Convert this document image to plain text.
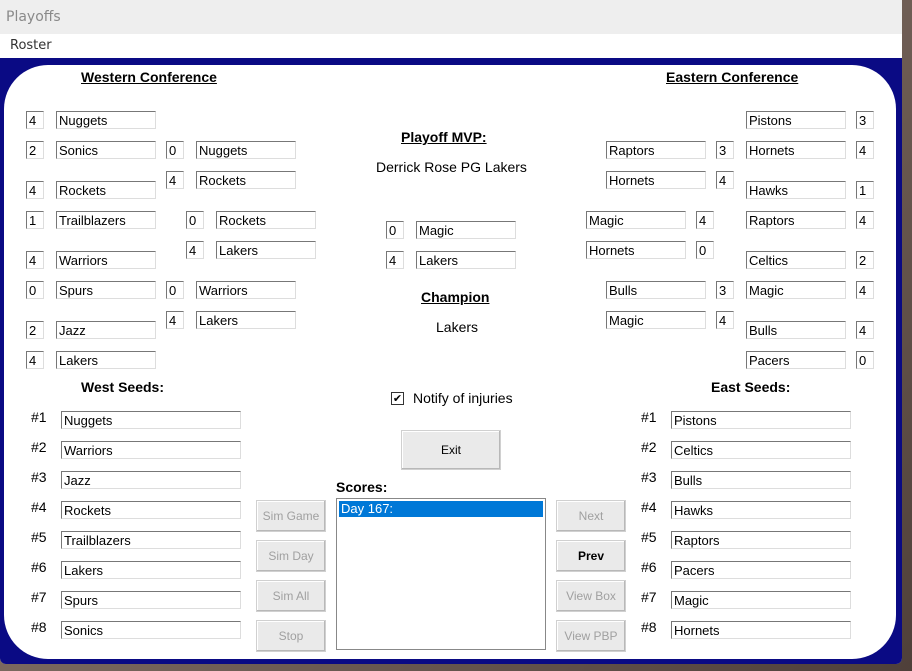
Playoffs
Roster
Western Conference	Eastern Conference
Playoff MVP:
Derrick Rose PG Lakers
Champion
Lakers
West Seeds:	East Seeds:
Scores:
4	Nuggets
2	Sonics
4	Rockets
1	Trailblazers
4	Warriors
0	Spurs
2	Jazz
4	Lakers
0	Nuggets
4	Rockets
0	Warriors
4	Lakers
0	Rockets
4	Lakers
0	Magic
4	Lakers
Magic	4
Hornets	0
Raptors	3
Hornets	4
Bulls	3
Magic	4
Pistons	3
Hornets	4
Hawks	1
Raptors	4
Celtics	2
Magic	4
Bulls	4
Pacers	0
#1 Nuggets
#2 Warriors
#3 Jazz
#4 Rockets
#5 Trailblazers
#6 Lakers
#7 Spurs
#8 Sonics
#1 Pistons
#2 Celtics
#3 Bulls
#4 Hawks
#5 Raptors
#6 Pacers
#7 Magic
#8 Hornets
✔ Notify of injuries
Exit
Sim Game
Sim Day
Sim All
Stop
Day 167:	Next
Prev
View Box
View PBP
